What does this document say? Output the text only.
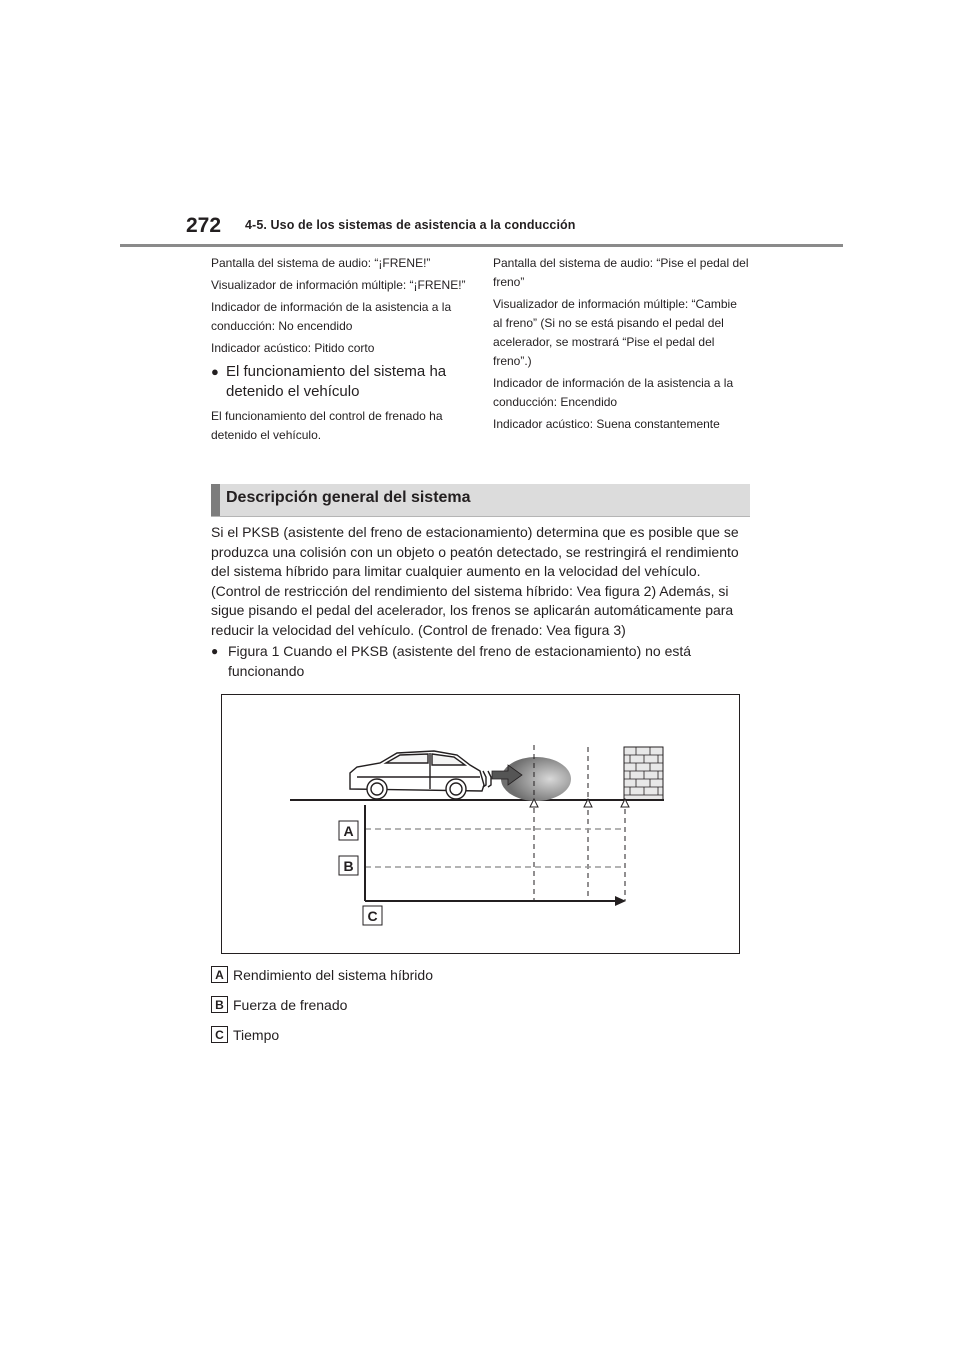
272 4-5. Uso de los sistemas de asistencia a la conducción

Pantalla del sistema de audio: “¡FRENE!”

Visualizador de información múltiple: “¡FRENE!”

Indicador de información de la asistencia a la conducción: No encendido

Indicador acústico: Pitido corto

● El funcionamiento del sistema ha detenido el vehículo

El funcionamiento del control de frenado ha detenido el vehículo.

Pantalla del sistema de audio: “Pise el pedal del freno”

Visualizador de información múltiple: “Cambie al freno” (Si no se está pisando el pedal del acelerador, se mostrará “Pise el pedal del freno”.)

Indicador de información de la asistencia a la conducción: Encendido

Indicador acústico: Suena constantemente

Descripción general del sistema
Si el PKSB (asistente del freno de estacionamiento) determina que es posible que se produzca una colisión con un objeto o peatón detectado, se restringirá el rendimiento del sistema híbrido para limitar cualquier aumento en la velocidad del vehículo. (Control de restricción del rendimiento del sistema híbrido: Vea figura 2) Además, si sigue pisando el pedal del acelerador, los frenos se aplicarán automáticamente para reducir la velocidad del vehículo. (Control de frenado: Vea figura 3)
● Figura 1 Cuando el PKSB (asistente del freno de estacionamiento) no está funcionando
A
B
C
A Rendimiento del sistema híbrido
B Fuerza de frenado
C Tiempo
